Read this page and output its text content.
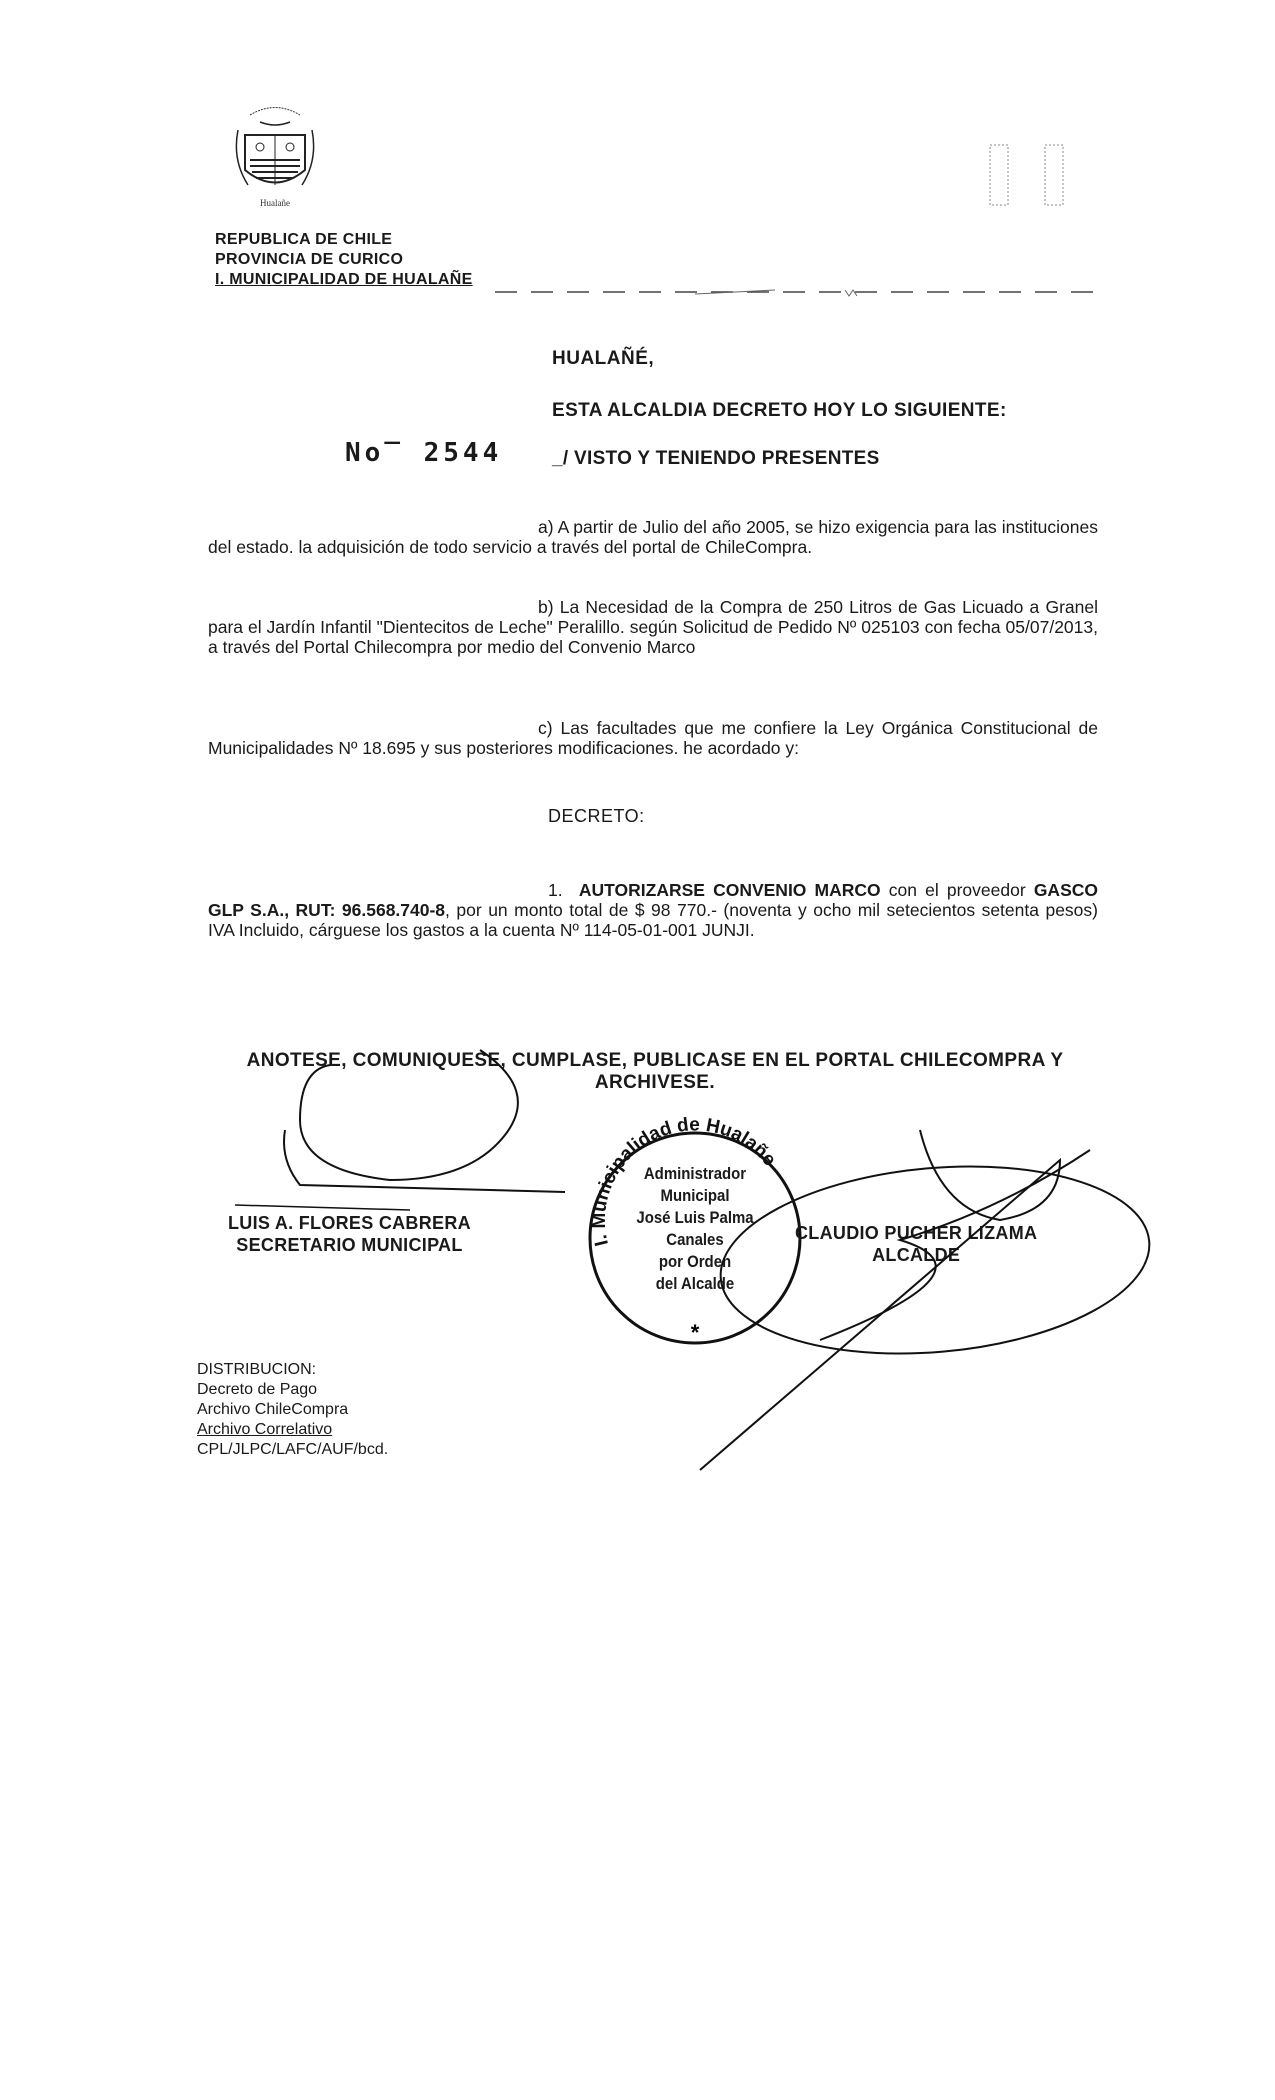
Hualañe
REPUBLICA DE CHILE
PROVINCIA DE CURICO
I. MUNICIPALIDAD DE HUALAÑE
HUALAÑÉ,
ESTA ALCALDIA DECRETO HOY LO SIGUIENTE:
No‾ 2544	_/ VISTO Y TENIENDO PRESENTES
a) A partir de Julio del año 2005, se hizo exigencia para las instituciones del estado. la adquisición de todo servicio a través del portal de ChileCompra.
b) La Necesidad de la Compra de 250 Litros de Gas Licuado a Granel para el Jardín Infantil "Dientecitos de Leche" Peralillo. según Solicitud de Pedido Nº 025103 con fecha 05/07/2013, a través del Portal Chilecompra por medio del Convenio Marco
c) Las facultades que me confiere la Ley Orgánica Constitucional de Municipalidades Nº 18.695 y sus posteriores modificaciones. he acordado y:
DECRETO:
1. AUTORIZARSE CONVENIO MARCO con el proveedor GASCO GLP S.A., RUT: 96.568.740-8, por un monto total de $ 98 770.- (noventa y ocho mil setecientos setenta pesos) IVA Incluido, cárguese los gastos a la cuenta Nº 114-05-01-001 JUNJI.
ANOTESE, COMUNIQUESE, CUMPLASE, PUBLICASE EN EL PORTAL CHILECOMPRA Y
ARCHIVESE.
I. Municipalidad de Hualañe
*
Administrador
Municipal
José Luis Palma
Canales
por Orden
del Alcalde
LUIS A. FLORES CABRERA
SECRETARIO MUNICIPAL
CLAUDIO PUCHER LIZAMA
ALCALDE
DISTRIBUCION:
Decreto de Pago
Archivo ChileCompra
Archivo Correlativo
CPL/JLPC/LAFC/AUF/bcd.
